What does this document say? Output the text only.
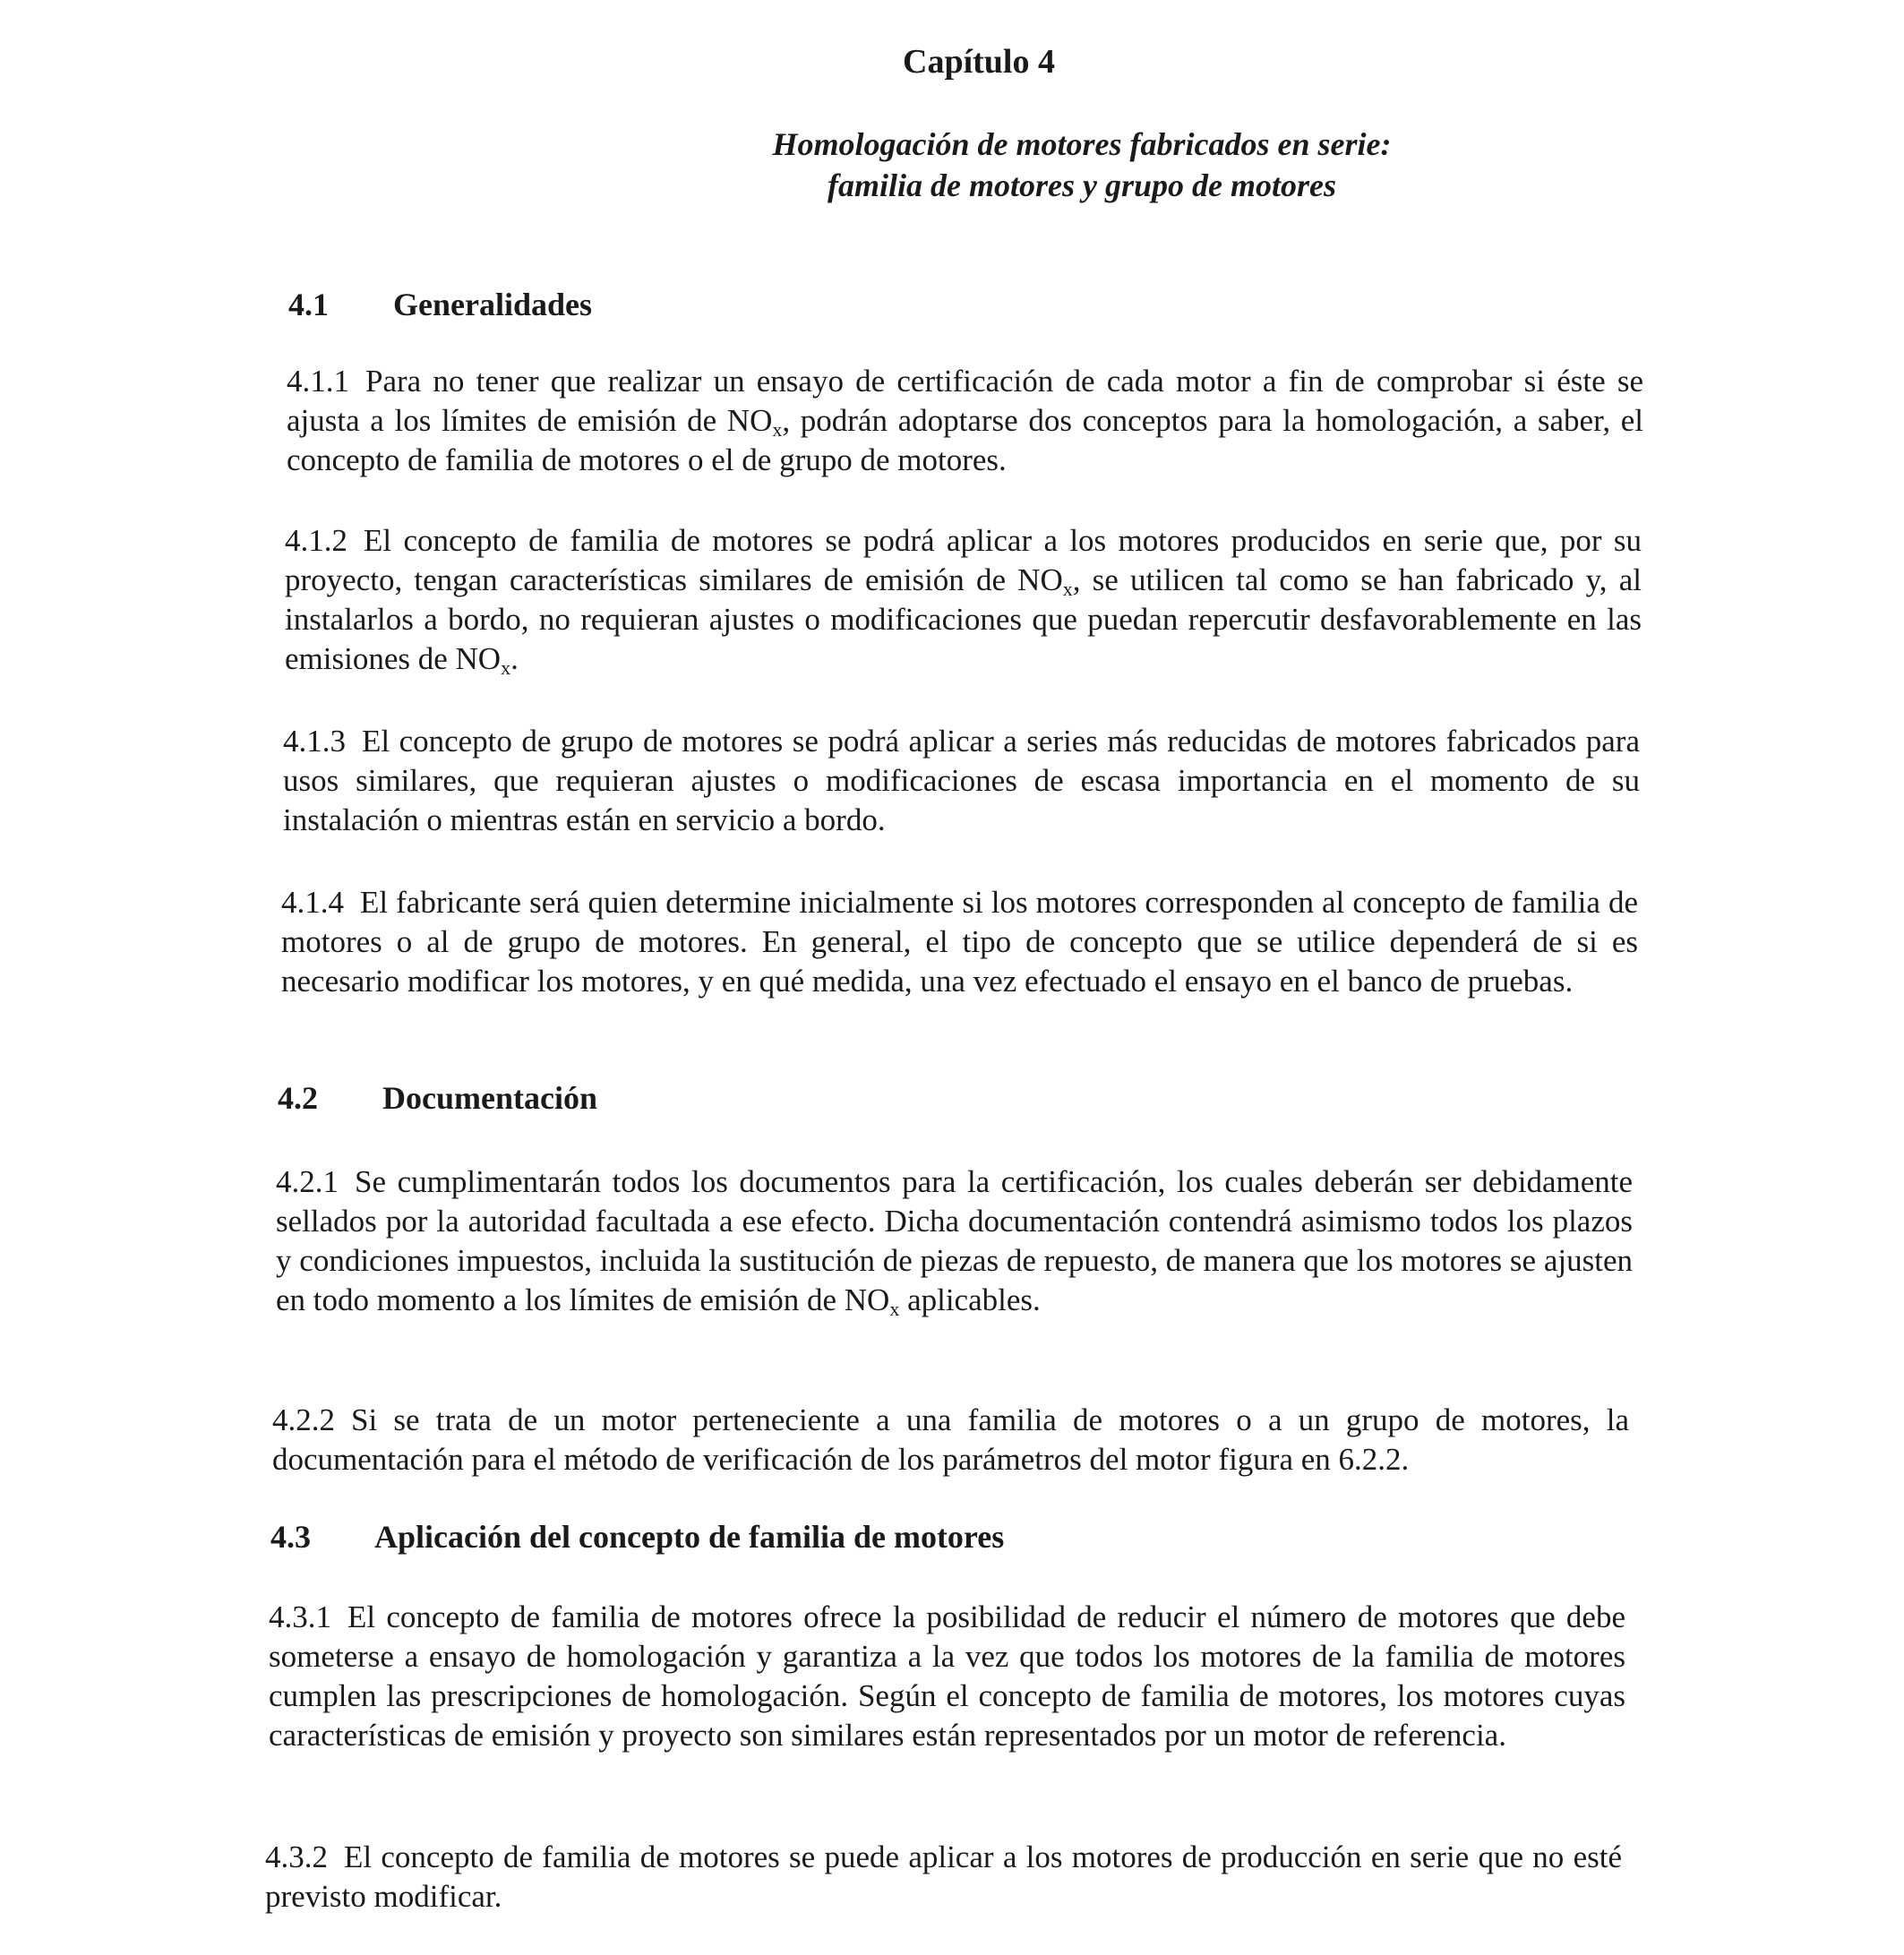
Capítulo 4
Homologación de motores fabricados en serie:
familia de motores y grupo de motores
4.1 Generalidades
4.1.1 Para no tener que realizar un ensayo de certificación de cada motor a fin de comprobar si éste se ajusta a los límites de emisión de $NO_x$, podrán adoptarse dos conceptos para la homologación, a saber, el concepto de familia de motores o el de grupo de motores.
4.1.2 El concepto de familia de motores se podrá aplicar a los motores producidos en serie que, por su proyecto, tengan características similares de emisión de $NO_x$, se utilicen tal como se han fabricado y, al instalarlos a bordo, no requieran ajustes o modificaciones que puedan repercutir desfavorablemente en las emisiones de $NO_x$.
4.1.3 El concepto de grupo de motores se podrá aplicar a series más reducidas de motores fabricados para usos similares, que requieran ajustes o modificaciones de escasa importancia en el momento de su instalación o mientras están en servicio a bordo.
4.1.4 El fabricante será quien determine inicialmente si los motores corresponden al concepto de familia de motores o al de grupo de motores. En general, el tipo de concepto que se utilice dependerá de si es necesario modificar los motores, y en qué medida, una vez efectuado el ensayo en el banco de pruebas.
4.2 Documentación
4.2.1 Se cumplimentarán todos los documentos para la certificación, los cuales deberán ser debidamente sellados por la autoridad facultada a ese efecto. Dicha documentación contendrá asimismo todos los plazos y condiciones impuestos, incluida la sustitución de piezas de repuesto, de manera que los motores se ajusten en todo momento a los límites de emisión de $NO_x$ aplicables.
4.2.2 Si se trata de un motor perteneciente a una familia de motores o a un grupo de motores, la documentación para el método de verificación de los parámetros del motor figura en 6.2.2.
4.3 Aplicación del concepto de familia de motores
4.3.1 El concepto de familia de motores ofrece la posibilidad de reducir el número de motores que debe someterse a ensayo de homologación y garantiza a la vez que todos los motores de la familia de motores cumplen las prescripciones de homologación. Según el concepto de familia de motores, los motores cuyas características de emisión y proyecto son similares están representados por un motor de referencia.
4.3.2 El concepto de familia de motores se puede aplicar a los motores de producción en serie que no esté previsto modificar.
